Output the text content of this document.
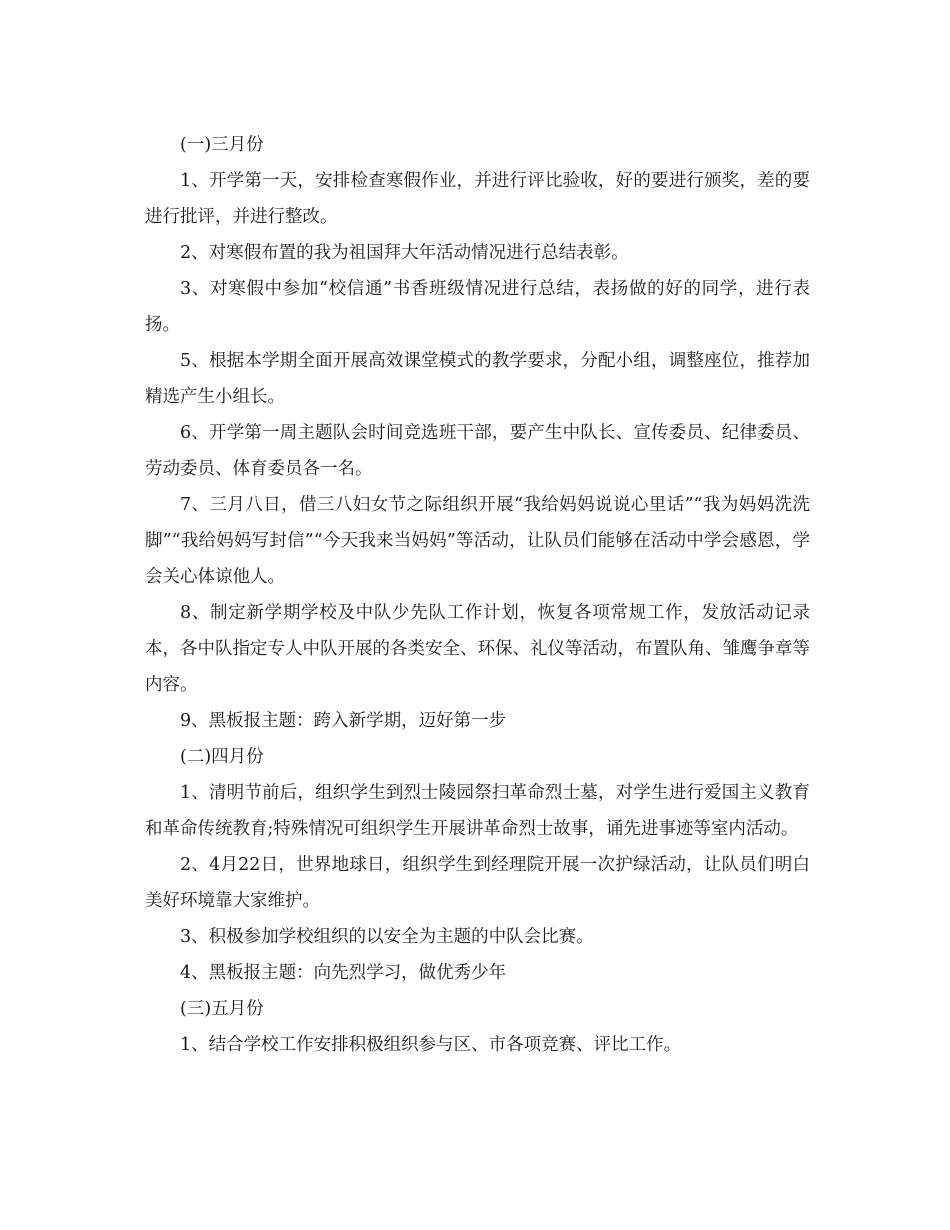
(一)三月份

1、开学第一天，安排检查寒假作业，并进行评比验收，好的要进行颁奖，差的要进行批评，并进行整改。

2、对寒假布置的我为祖国拜大年活动情况进行总结表彰。

3、对寒假中参加“校信通”书香班级情况进行总结，表扬做的好的同学，进行表扬。

5、根据本学期全面开展高效课堂模式的教学要求，分配小组，调整座位，推荐加精选产生小组长。

6、开学第一周主题队会时间竞选班干部，要产生中队长、宣传委员、纪律委员、劳动委员、体育委员各一名。

7、三月八日，借三八妇女节之际组织开展“我给妈妈说说心里话”“我为妈妈洗洗脚”“我给妈妈写封信”“今天我来当妈妈”等活动，让队员们能够在活动中学会感恩，学会关心体谅他人。

8、制定新学期学校及中队少先队工作计划，恢复各项常规工作，发放活动记录本，各中队指定专人中队开展的各类安全、环保、礼仪等活动，布置队角、雏鹰争章等内容。

9、黑板报主题：跨入新学期，迈好第一步

(二)四月份

1、清明节前后，组织学生到烈士陵园祭扫革命烈士墓，对学生进行爱国主义教育和革命传统教育;特殊情况可组织学生开展讲革命烈士故事，诵先进事迹等室内活动。

2、4月22日，世界地球日，组织学生到经理院开展一次护绿活动，让队员们明白美好环境靠大家维护。

3、积极参加学校组织的以安全为主题的中队会比赛。

4、黑板报主题：向先烈学习，做优秀少年

(三)五月份

1、结合学校工作安排积极组织参与区、市各项竞赛、评比工作。
